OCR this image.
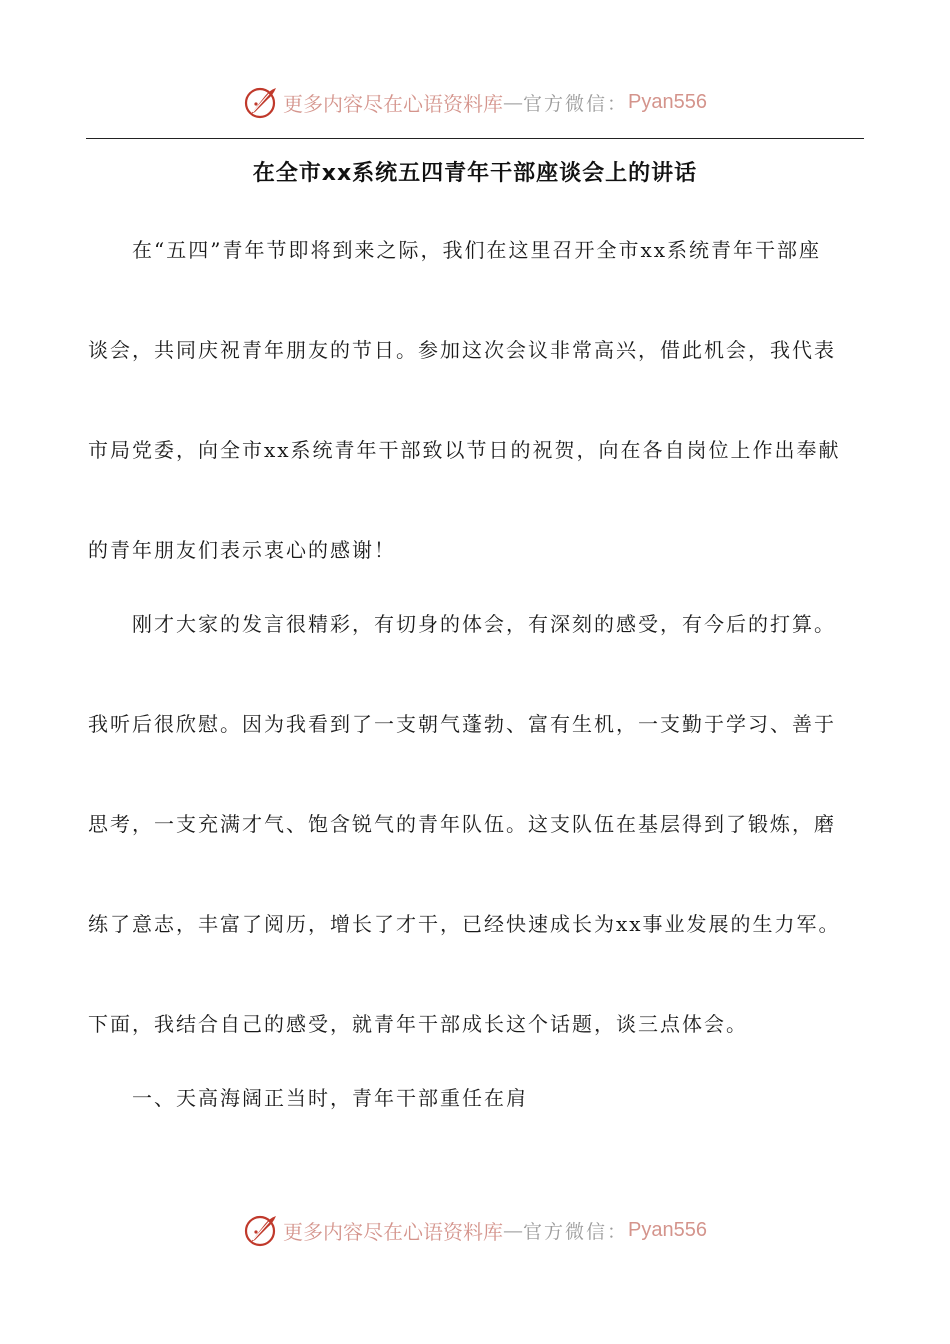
更多内容尽在心语资料库 — 官方微信： Pyan556
在全市xx系统五四青年干部座谈会上的讲话
在“五四”青年节即将到来之际，我们在这里召开全市xx系统青年干部座
谈会，共同庆祝青年朋友的节日。参加这次会议非常高兴，借此机会，我代表
市局党委，向全市xx系统青年干部致以节日的祝贺，向在各自岗位上作出奉献
的青年朋友们表示衷心的感谢！
刚才大家的发言很精彩，有切身的体会，有深刻的感受，有今后的打算。
我听后很欣慰。因为我看到了一支朝气蓬勃、富有生机，一支勤于学习、善于
思考，一支充满才气、饱含锐气的青年队伍。这支队伍在基层得到了锻炼，磨
练了意志，丰富了阅历，增长了才干，已经快速成长为xx事业发展的生力军。
下面，我结合自己的感受，就青年干部成长这个话题，谈三点体会。
一、天高海阔正当时，青年干部重任在肩
更多内容尽在心语资料库 — 官方微信： Pyan556
